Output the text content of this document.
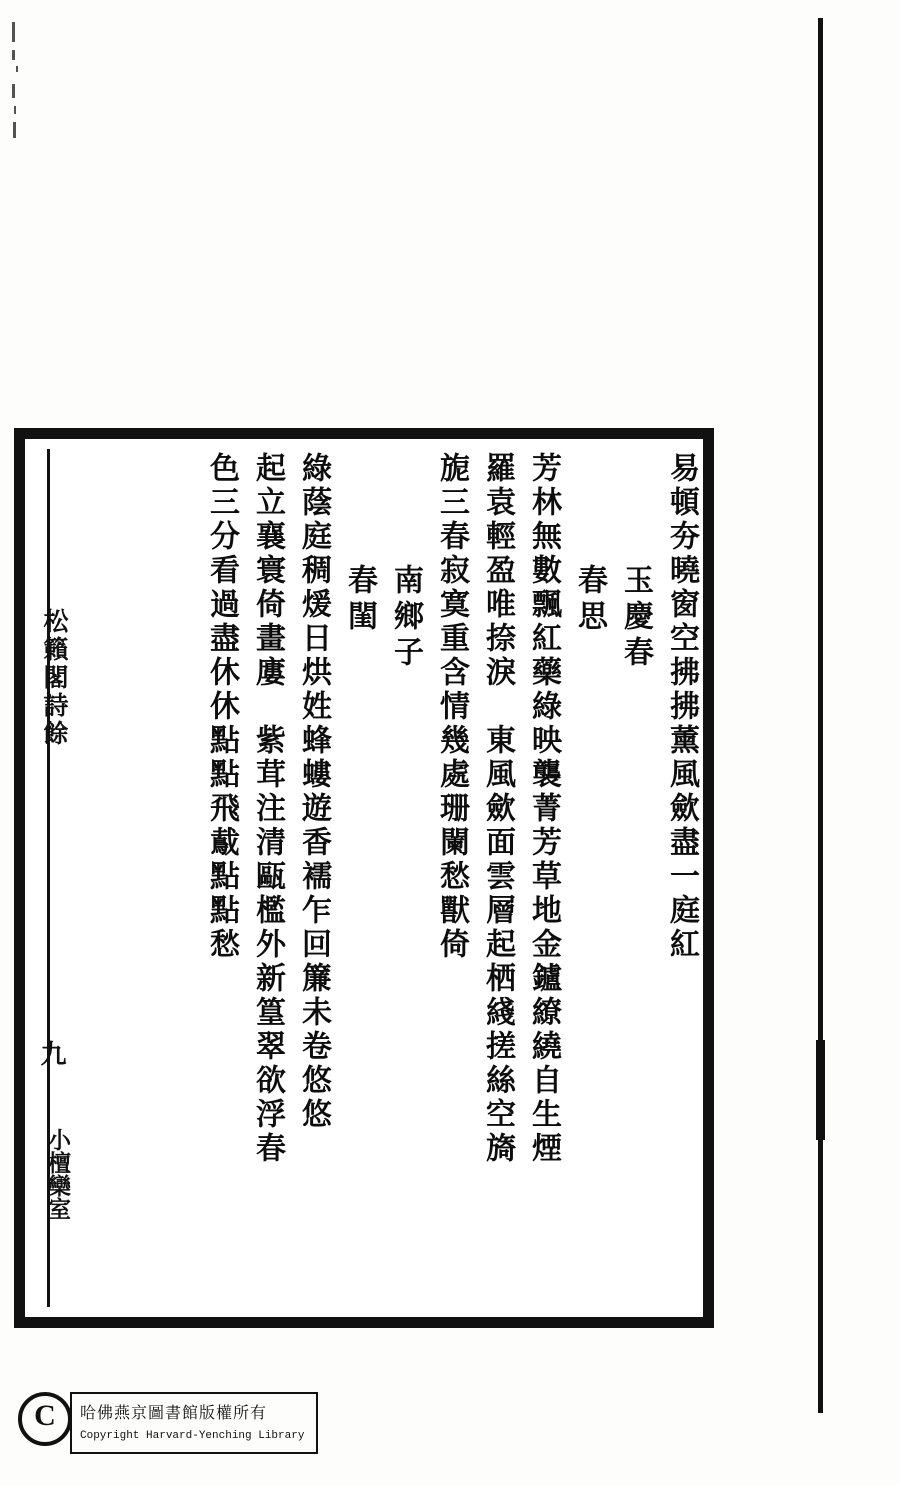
松籟閣詩餘
九
小檀欒室
易頓夯曉窗空拂拂薰風歛盡一庭紅
玉慶春
春思
芳林無數飄紅藥綠映襲菁芳草地金鑪繚繞自生煙
羅袁輕盈唯捺淚　東風歛面雲層起栖綫搓絲空旖
旎三春寂寞重含情幾處珊闌愁獸倚
南鄉子
春閨
綠蔭庭稠煖日烘姓蜂螻遊香襦乍回簾未卷悠悠
起立襄寰倚畫廔　紫茸注清甌檻外新篁翠欲浮春
色三分看過盡休休點點飛䳒點點愁
C	哈佛燕京圖書館版權所有
Copyright Harvard-Yenching Library
